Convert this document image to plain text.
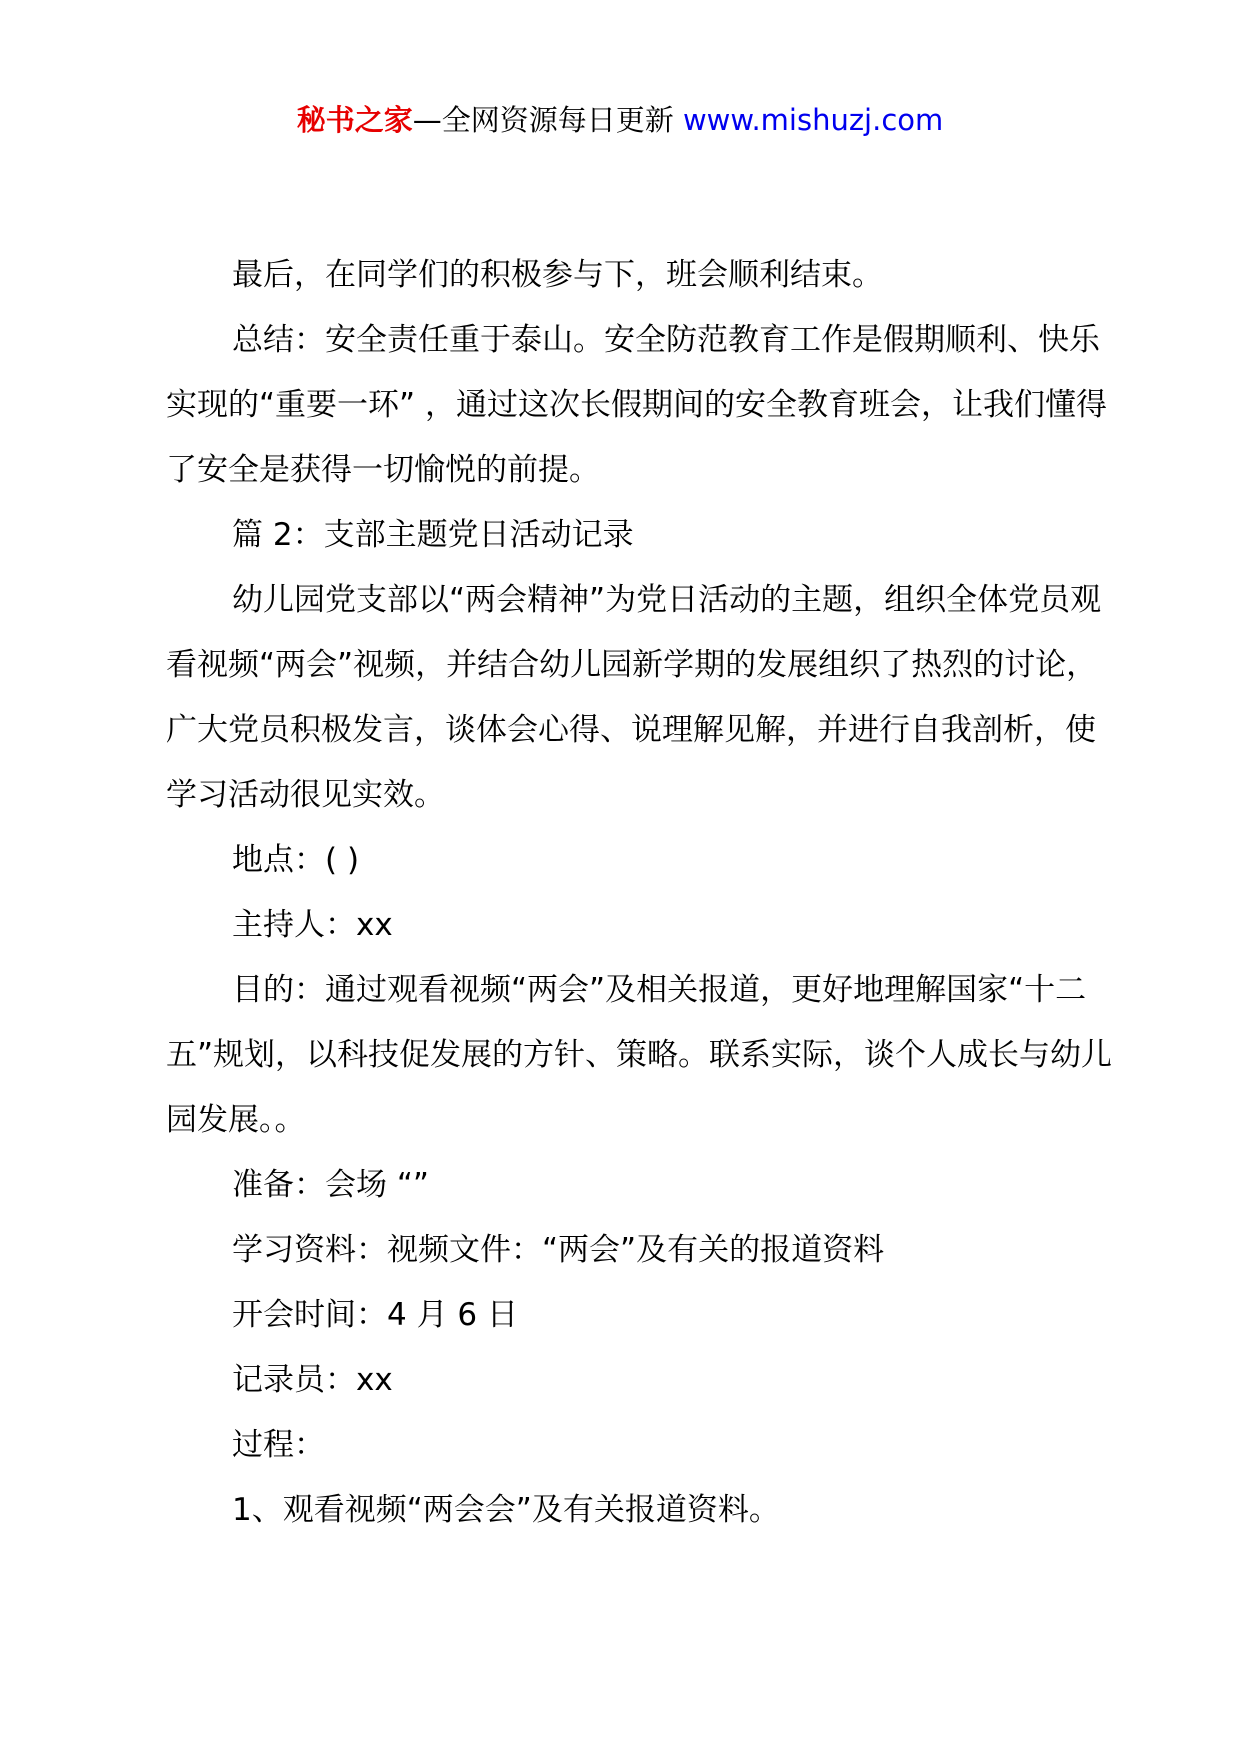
秘书之家—全网资源每日更新 www.mishuzj.com

最后，在同学们的积极参与下，班会顺利结束。

总结：安全责任重于泰山。安全防范教育工作是假期顺利、快乐实现的“重要一环” ，通过这次长假期间的安全教育班会，让我们懂得了安全是获得一切愉悦的前提。

篇 2：支部主题党日活动记录

幼儿园党支部以“两会精神”为党日活动的主题，组织全体党员观看视频“两会”视频，并结合幼儿园新学期的发展组织了热烈的讨论，广大党员积极发言，谈体会心得、说理解见解，并进行自我剖析，使学习活动很见实效。

地点：( )

主持人：xx

目的：通过观看视频“两会”及相关报道，更好地理解国家“十二五”规划，以科技促发展的方针、策略。联系实际，谈个人成长与幼儿园发展。。

准备：会场 “”

学习资料：视频文件：“两会”及有关的报道资料

开会时间：4 月 6 日

记录员：xx

过程：

1、观看视频“两会会”及有关报道资料。
